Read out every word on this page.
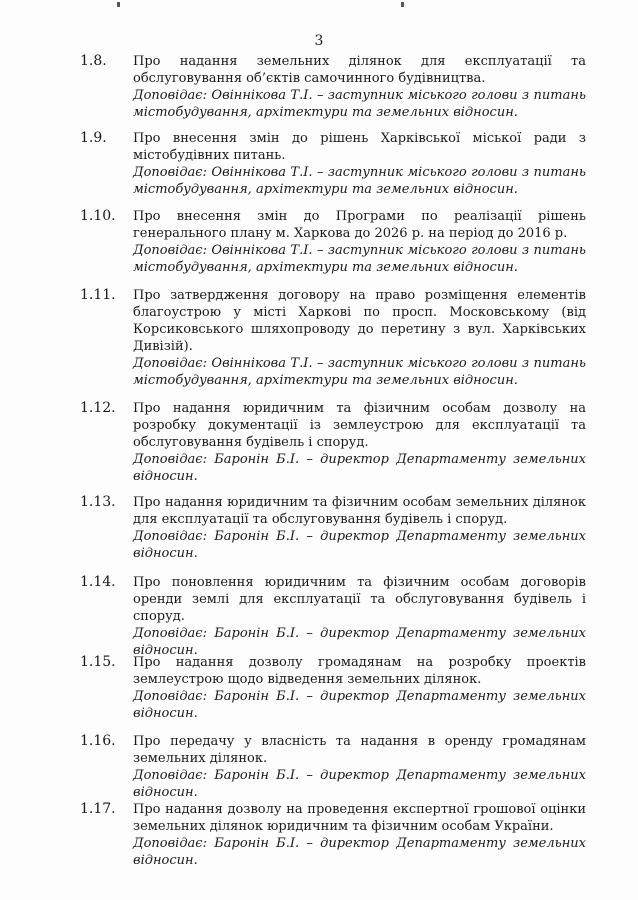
3
1.8. Про надання земельних ділянок для експлуатації та обслуговування об’єктів самочинного будівництва.

Доповідає: Овіннікова Т.І. – заступник міського голови з питань містобудування, архітектури та земельних відносин.

1.9. Про внесення змін до рішень Харківської міської ради з містобудівних питань.

Доповідає: Овіннікова Т.І. – заступник міського голови з питань містобудування, архітектури та земельних відносин.

1.10. Про внесення змін до Програми по реалізації рішень генерального плану м. Харкова до 2026 р. на період до 2016 р.

Доповідає: Овіннікова Т.І. – заступник міського голови з питань містобудування, архітектури та земельних відносин.

1.11. Про затвердження договору на право розміщення елементів благоустрою у місті Харкові по просп. Московському (від Корсиковського шляхопроводу до перетину з вул. Харківських Дивізій).

Доповідає: Овіннікова Т.І. – заступник міського голови з питань містобудування, архітектури та земельних відносин.

1.12. Про надання юридичним та фізичним особам дозволу на розробку документації із землеустрою для експлуатації та обслуговування будівель і споруд.

Доповідає: Баронін Б.І. – директор Департаменту земельних відносин.

1.13. Про надання юридичним та фізичним особам земельних ділянок для експлуатації та обслуговування будівель і споруд.

Доповідає: Баронін Б.І. – директор Департаменту земельних відносин.

1.14. Про поновлення юридичним та фізичним особам договорів оренди землі для експлуатації та обслуговування будівель і споруд.

Доповідає: Баронін Б.І. – директор Департаменту земельних відносин.

1.15. Про надання дозволу громадянам на розробку проектів землеустрою щодо відведення земельних ділянок.

Доповідає: Баронін Б.І. – директор Департаменту земельних відносин.

1.16. Про передачу у власність та надання в оренду громадянам земельних ділянок.

Доповідає: Баронін Б.І. – директор Департаменту земельних відносин.

1.17. Про надання дозволу на проведення експертної грошової оцінки земельних ділянок юридичним та фізичним особам України.

Доповідає: Баронін Б.І. – директор Департаменту земельних відносин.
